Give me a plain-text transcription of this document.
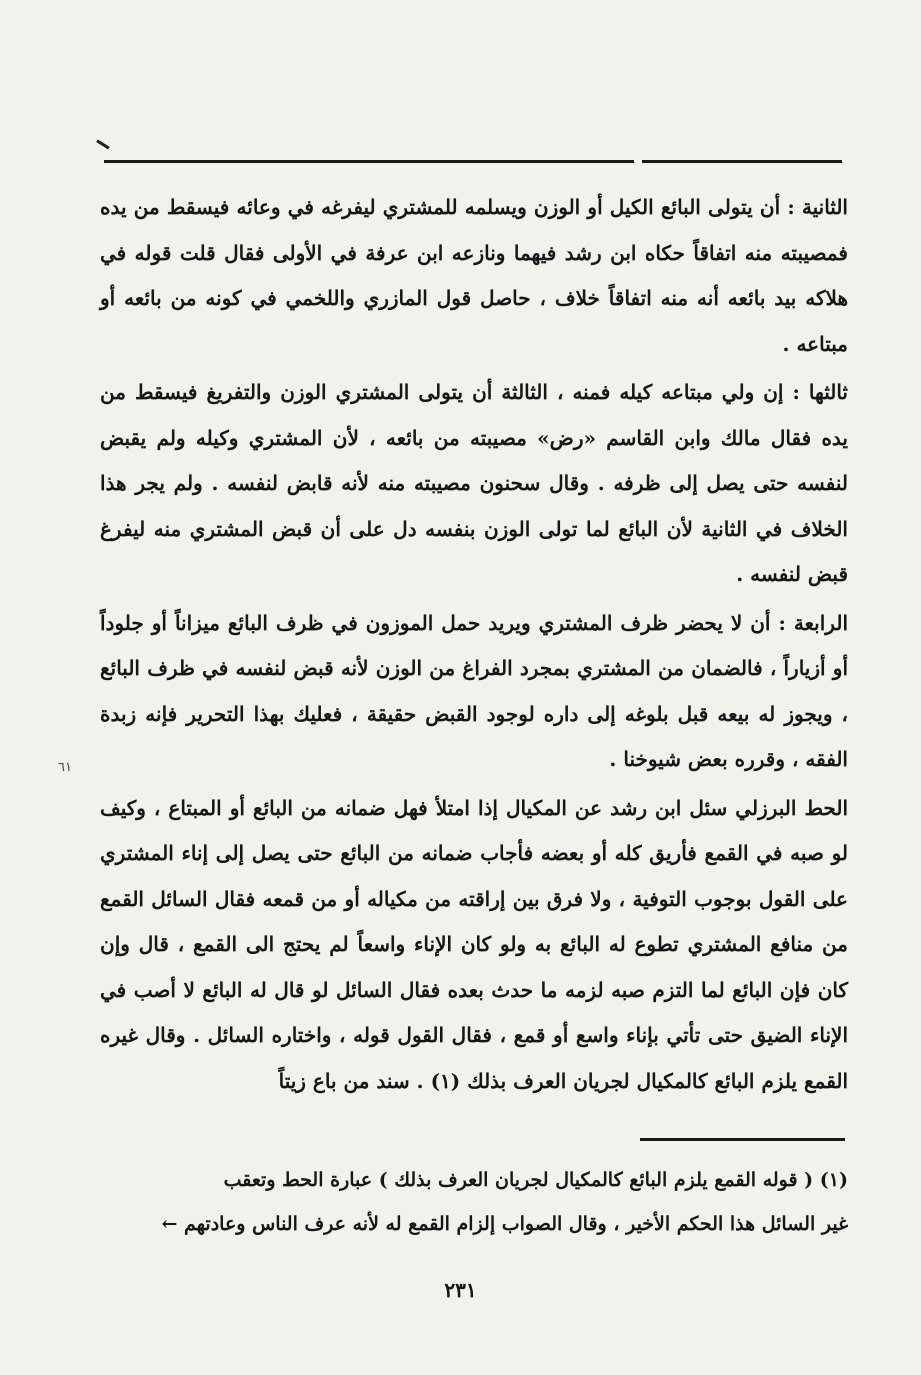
الثانية : أن يتولى البائع الكيل أو الوزن ويسلمه للمشتري ليفرغه في وعائه فيسقط من يده فمصيبته منه اتفاقاً حكاه ابن رشد فيهما ونازعه ابن عرفة في الأولى فقال قلت قوله في هلاكه بيد بائعه أنه منه اتفاقاً خلاف ، حاصل قول المازري واللخمي في كونه من بائعه أو مبتاعه .

ثالثها : إن ولي مبتاعه كيله فمنه ، الثالثة أن يتولى المشتري الوزن والتفريغ فيسقط من يده فقال مالك وابن القاسم «رض» مصيبته من بائعه ، لأن المشتري وكيله ولم يقبض لنفسه حتى يصل إلى ظرفه . وقال سحنون مصيبته منه لأنه قابض لنفسه . ولم يجر هذا الخلاف في الثانية لأن البائع لما تولى الوزن بنفسه دل على أن قبض المشتري منه ليفرغ قبض لنفسه .

الرابعة : أن لا يحضر ظرف المشتري ويريد حمل الموزون في ظرف البائع ميزاناً أو جلوداً أو أزياراً ، فالضمان من المشتري بمجرد الفراغ من الوزن لأنه قبض لنفسه في ظرف البائع ، ويجوز له بيعه قبل بلوغه إلى داره لوجود القبض حقيقة ، فعليك بهذا التحرير فإنه زبدة الفقه ، وقرره بعض شيوخنا .

الحط البرزلي سئل ابن رشد عن المكيال إذا امتلأ فهل ضمانه من البائع أو المبتاع ، وكيف لو صبه في القمع فأريق كله أو بعضه فأجاب ضمانه من البائع حتى يصل إلى إناء المشتري على القول بوجوب التوفية ، ولا فرق بين إراقته من مكياله أو من قمعه فقال السائل القمع من منافع المشتري تطوع له البائع به ولو كان الإناء واسعاً لم يحتج الى القمع ، قال وإن كان فإن البائع لما التزم صبه لزمه ما حدث بعده فقال السائل لو قال له البائع لا أصب في الإناء الضيق حتى تأتي بإناء واسع أو قمع ، فقال القول قوله ، واختاره السائل . وقال غيره القمع يلزم البائع كالمكيال لجريان العرف بذلك (١) . سند من باع زيتاً

٦١

(١) ( قوله القمع يلزم البائع كالمكيال لجريان العرف بذلك ) عبارة الحط وتعقب

غير السائل هذا الحكم الأخير ، وقال الصواب إلزام القمع له لأنه عرف الناس وعادتهم ←

٢٣١
